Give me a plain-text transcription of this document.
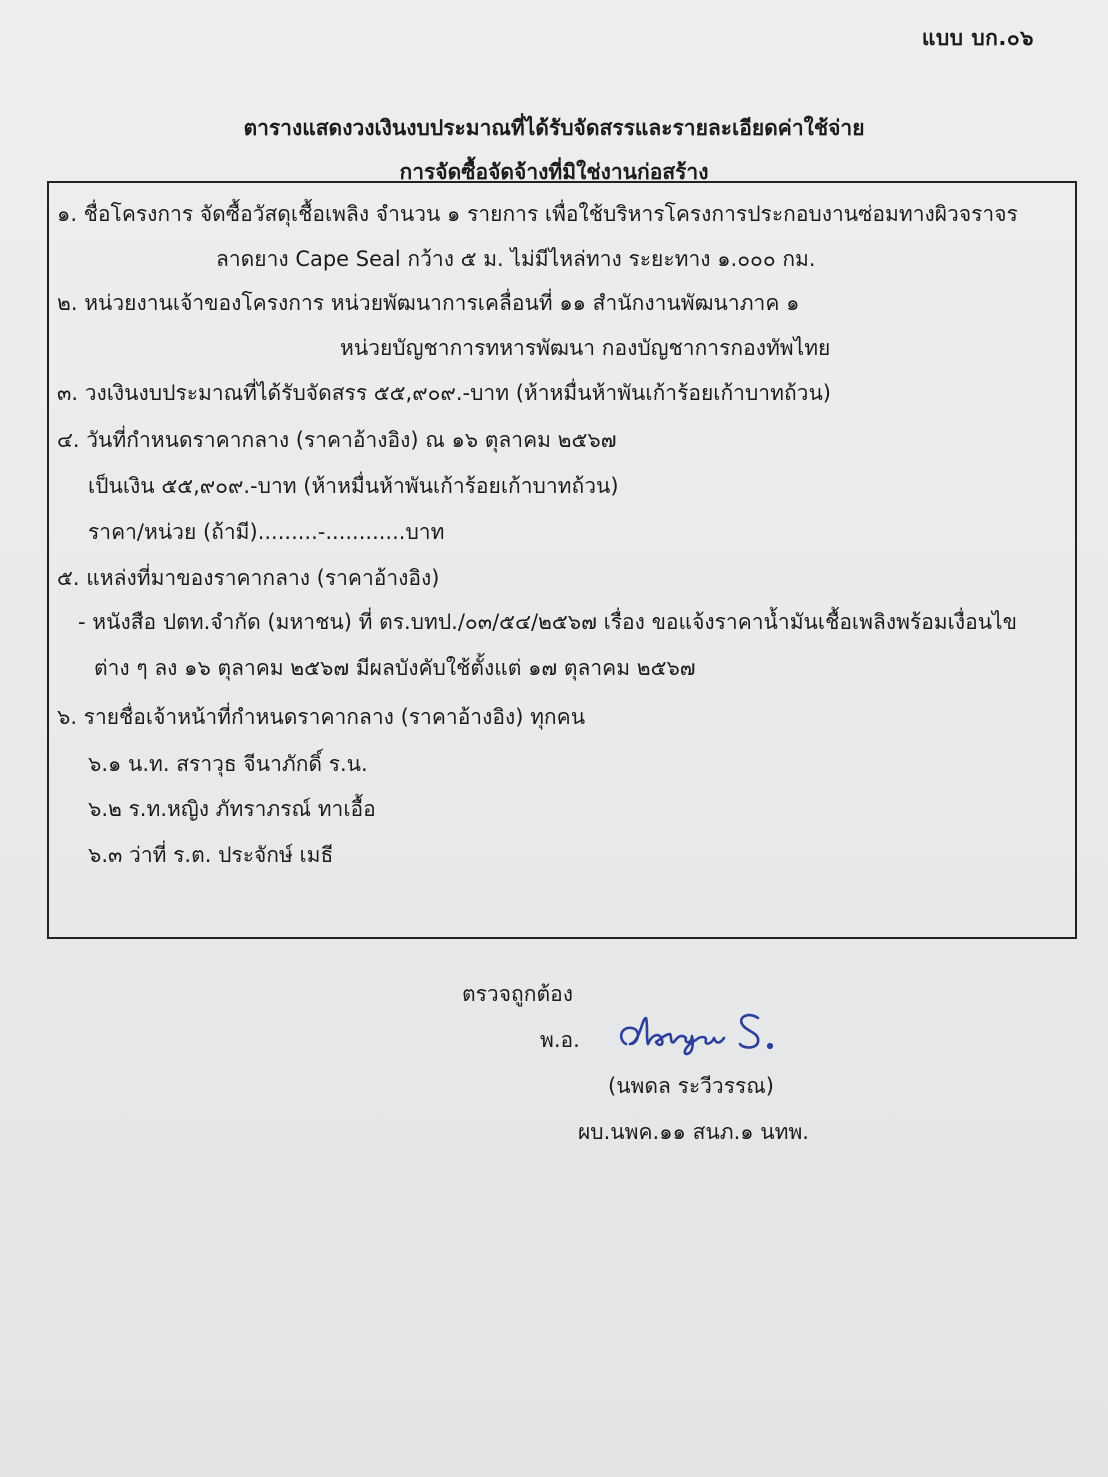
แบบ บก.๐๖
ตารางแสดงวงเงินงบประมาณที่ได้รับจัดสรรและรายละเอียดค่าใช้จ่าย
การจัดซื้อจัดจ้างที่มิใช่งานก่อสร้าง
๑. ชื่อโครงการ จัดซื้อวัสดุเชื้อเพลิง จำนวน ๑ รายการ เพื่อใช้บริหารโครงการประกอบงานซ่อมทางผิวจราจร
ลาดยาง Cape Seal กว้าง ๕ ม. ไม่มีไหล่ทาง ระยะทาง ๑.๐๐๐ กม.
๒. หน่วยงานเจ้าของโครงการ หน่วยพัฒนาการเคลื่อนที่ ๑๑ สำนักงานพัฒนาภาค ๑
หน่วยบัญชาการทหารพัฒนา กองบัญชาการกองทัพไทย
๓. วงเงินงบประมาณที่ได้รับจัดสรร ๕๕,๙๐๙.-บาท (ห้าหมื่นห้าพันเก้าร้อยเก้าบาทถ้วน)
๔. วันที่กำหนดราคากลาง (ราคาอ้างอิง) ณ ๑๖ ตุลาคม ๒๕๖๗
เป็นเงิน ๕๕,๙๐๙.-บาท (ห้าหมื่นห้าพันเก้าร้อยเก้าบาทถ้วน)
ราคา/หน่วย (ถ้ามี).........-............บาท
๕. แหล่งที่มาของราคากลาง (ราคาอ้างอิง)
- หนังสือ ปตท.จำกัด (มหาชน) ที่ ตร.บทป./๐๓/๕๔/๒๕๖๗ เรื่อง ขอแจ้งราคาน้ำมันเชื้อเพลิงพร้อมเงื่อนไข
ต่าง ๆ ลง ๑๖ ตุลาคม ๒๕๖๗ มีผลบังคับใช้ตั้งแต่ ๑๗ ตุลาคม ๒๕๖๗
๖. รายชื่อเจ้าหน้าที่กำหนดราคากลาง (ราคาอ้างอิง) ทุกคน
๖.๑ น.ท. สราวุธ จีนาภักดิ์ ร.น.
๖.๒ ร.ท.หญิง ภัทราภรณ์ ทาเอื้อ
๖.๓ ว่าที่ ร.ต. ประจักษ์ เมธี
ตรวจถูกต้อง
พ.อ.
(นพดล ระวีวรรณ)
ผบ.นพค.๑๑ สนภ.๑ นทพ.
